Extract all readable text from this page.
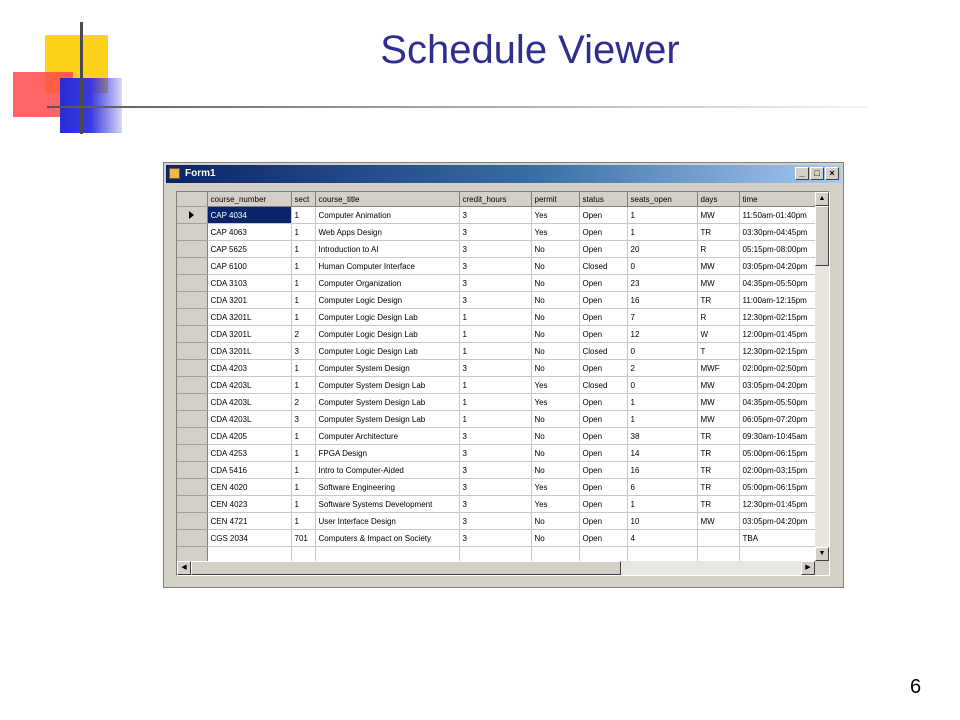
Schedule Viewer
6
Form1	_	□	×
	course_number	sect	course_title	credit_hours	permit	status	seats_open	days	time
	CAP 4034	1	Computer Animation	3	Yes	Open	1	MW	11:50am-01:40pm
	CAP 4063	1	Web Apps Design	3	Yes	Open	1	TR	03:30pm-04:45pm
	CAP 5625	1	Introduction to AI	3	No	Open	20	R	05:15pm-08:00pm
	CAP 6100	1	Human Computer Interface	3	No	Closed	0	MW	03:05pm-04:20pm
	CDA 3103	1	Computer Organization	3	No	Open	23	MW	04:35pm-05:50pm
	CDA 3201	1	Computer Logic Design	3	No	Open	16	TR	11:00am-12:15pm
	CDA 3201L	1	Computer Logic Design Lab	1	No	Open	7	R	12:30pm-02:15pm
	CDA 3201L	2	Computer Logic Design Lab	1	No	Open	12	W	12:00pm-01:45pm
	CDA 3201L	3	Computer Logic Design Lab	1	No	Closed	0	T	12:30pm-02:15pm
	CDA 4203	1	Computer System Design	3	No	Open	2	MWF	02:00pm-02:50pm
	CDA 4203L	1	Computer System Design Lab	1	Yes	Closed	0	MW	03:05pm-04:20pm
	CDA 4203L	2	Computer System Design Lab	1	Yes	Open	1	MW	04:35pm-05:50pm
	CDA 4203L	3	Computer System Design Lab	1	No	Open	1	MW	06:05pm-07:20pm
	CDA 4205	1	Computer Architecture	3	No	Open	38	TR	09:30am-10:45am
	CDA 4253	1	FPGA Design	3	No	Open	14	TR	05:00pm-06:15pm
	CDA 5416	1	Intro to Computer-Aided	3	No	Open	16	TR	02:00pm-03:15pm
	CEN 4020	1	Software Engineering	3	Yes	Open	6	TR	05:00pm-06:15pm
	CEN 4023	1	Software Systems Development	3	Yes	Open	1	TR	12:30pm-01:45pm
	CEN 4721	1	User Interface Design	3	No	Open	10	MW	03:05pm-04:20pm
	CGS 2034	701	Computers & Impact on Society	3	No	Open	4		TBA

▲
▼
◀	▶
